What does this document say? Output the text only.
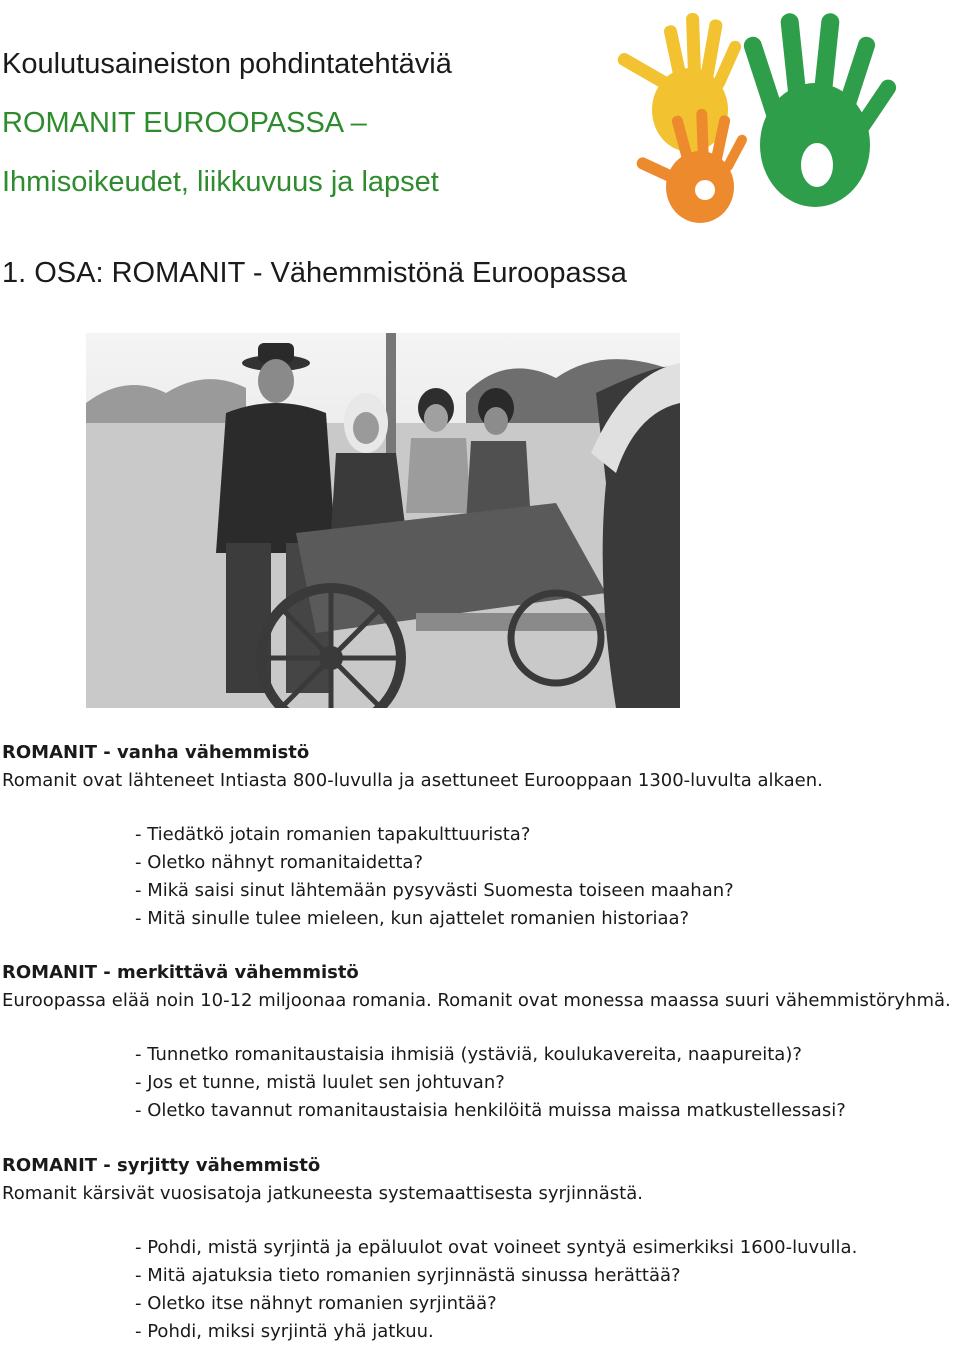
Koulutusaineiston pohdintatehtäviä
ROMANIT EUROOPASSA –
Ihmisoikeudet, liikkuvuus ja lapset
1. OSA: ROMANIT - Vähemmistönä Euroopassa
ROMANIT - vanha vähemmistö
Romanit ovat lähteneet Intiasta 800-luvulla ja asettuneet Eurooppaan 1300-luvulta alkaen.
- Tiedätkö jotain romanien tapakulttuurista?
- Oletko nähnyt romanitaidetta?
- Mikä saisi sinut lähtemään pysyvästi Suomesta toiseen maahan?
- Mitä sinulle tulee mieleen, kun ajattelet romanien historiaa?
ROMANIT - merkittävä vähemmistö
Euroopassa elää noin 10-12 miljoonaa romania. Romanit ovat monessa maassa suuri vähemmistöryhmä.
- Tunnetko romanitaustaisia ihmisiä (ystäviä, koulukavereita, naapureita)?
- Jos et tunne, mistä luulet sen johtuvan?
- Oletko tavannut romanitaustaisia henkilöitä muissa maissa matkustellessasi?
ROMANIT - syrjitty vähemmistö
Romanit kärsivät vuosisatoja jatkuneesta systemaattisesta syrjinnästä.
- Pohdi, mistä syrjintä ja epäluulot ovat voineet syntyä esimerkiksi 1600-luvulla.
- Mitä ajatuksia tieto romanien syrjinnästä sinussa herättää?
- Oletko itse nähnyt romanien syrjintää?
- Pohdi, miksi syrjintä yhä jatkuu.
